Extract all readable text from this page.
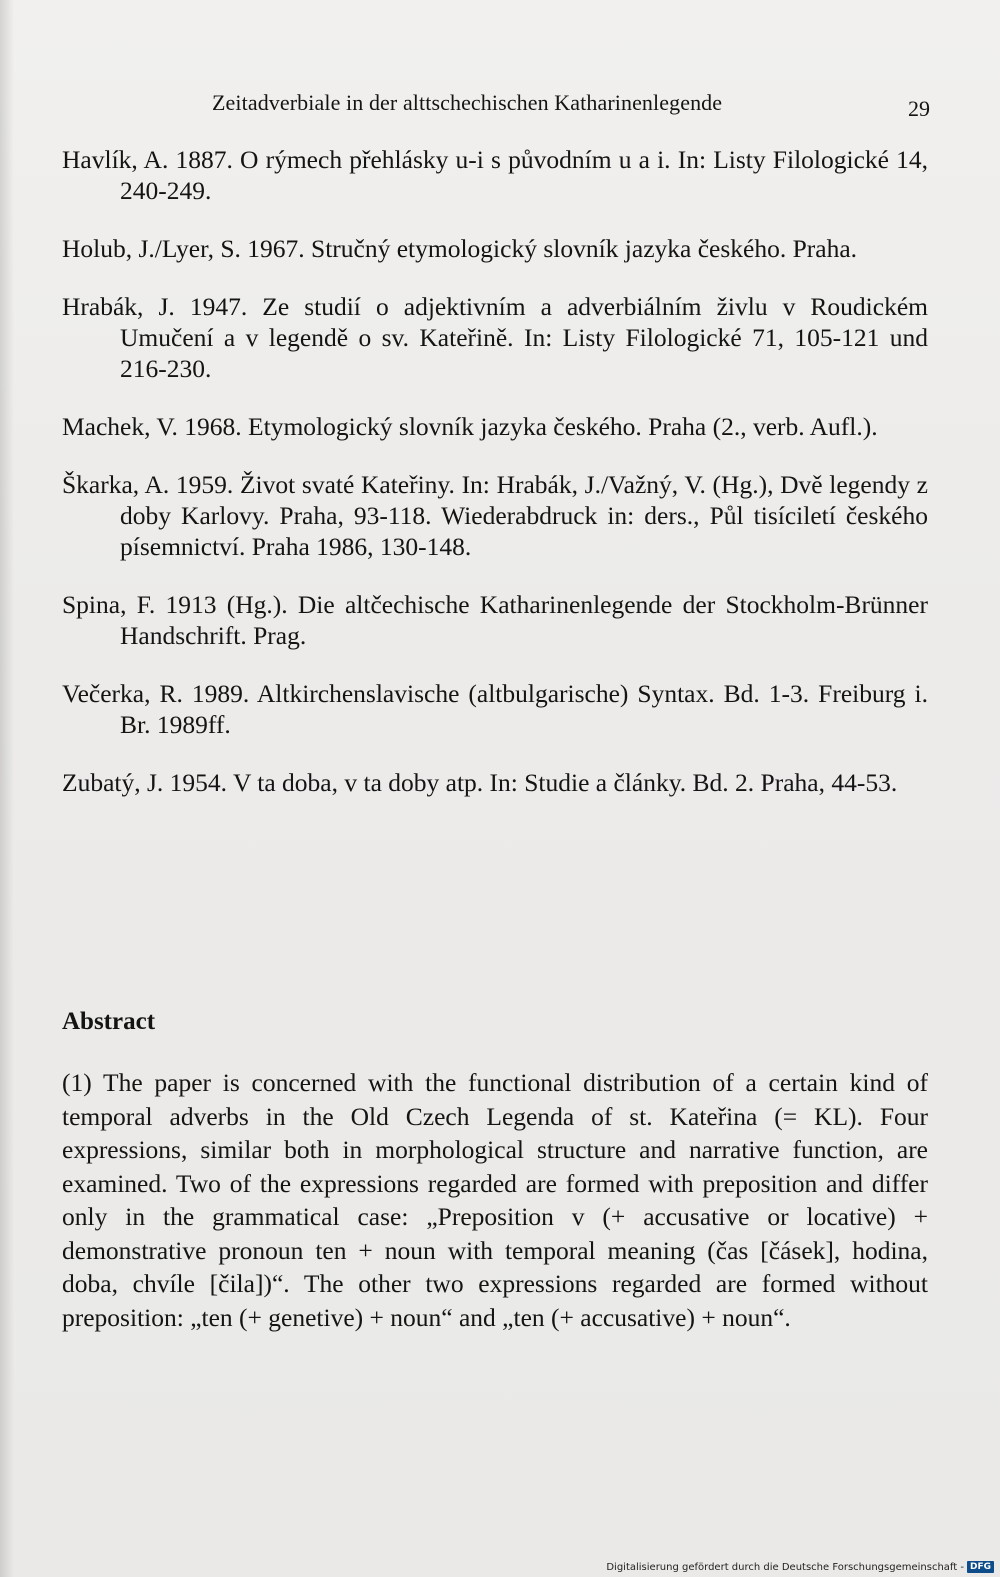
Zeitadverbiale in der alttschechischen Katharinenlegende	29
Havlík, A. 1887. O rýmech přehlásky u-i s původním u a i. In: Listy Filologické 14, 240-249.
Holub, J./Lyer, S. 1967. Stručný etymologický slovník jazyka českého. Praha.
Hrabák, J. 1947. Ze studií o adjektivním a adverbiálním živlu v Roudickém Umučení a v legendě o sv. Kateřině. In: Listy Filologické 71, 105-121 und 216-230.
Machek, V. 1968. Etymologický slovník jazyka českého. Praha (2., verb. Aufl.).
Škarka, A. 1959. Život svaté Kateřiny. In: Hrabák, J./Važný, V. (Hg.), Dvě legendy z doby Karlovy. Praha, 93-118. Wiederabdruck in: ders., Půl tisíciletí českého písemnictví. Praha 1986, 130-148.
Spina, F. 1913 (Hg.). Die altčechische Katharinenlegende der Stockholm-Brünner Handschrift. Prag.
Večerka, R. 1989. Altkirchenslavische (altbulgarische) Syntax. Bd. 1-3. Freiburg i. Br. 1989ff.
Zubatý, J. 1954. V ta doba, v ta doby atp. In: Studie a články. Bd. 2. Praha, 44-53.
Abstract

(1) The paper is concerned with the functional distribution of a certain kind of temporal adverbs in the Old Czech Legenda of st. Kateřina (= KL). Four expressions, similar both in morphological structure and narrative function, are examined. Two of the expressions regarded are formed with preposition and differ only in the grammatical case: „Preposition v (+ accusative or locative) + demonstrative pronoun ten + noun with temporal meaning (čas [čásek], hodina, doba, chvíle [čila])“. The other two expressions regarded are formed without preposition: „ten (+ genetive) + noun“ and „ten (+ accusative) + noun“.

Digitalisierung gefördert durch die Deutsche Forschungsgemeinschaft - DFG
